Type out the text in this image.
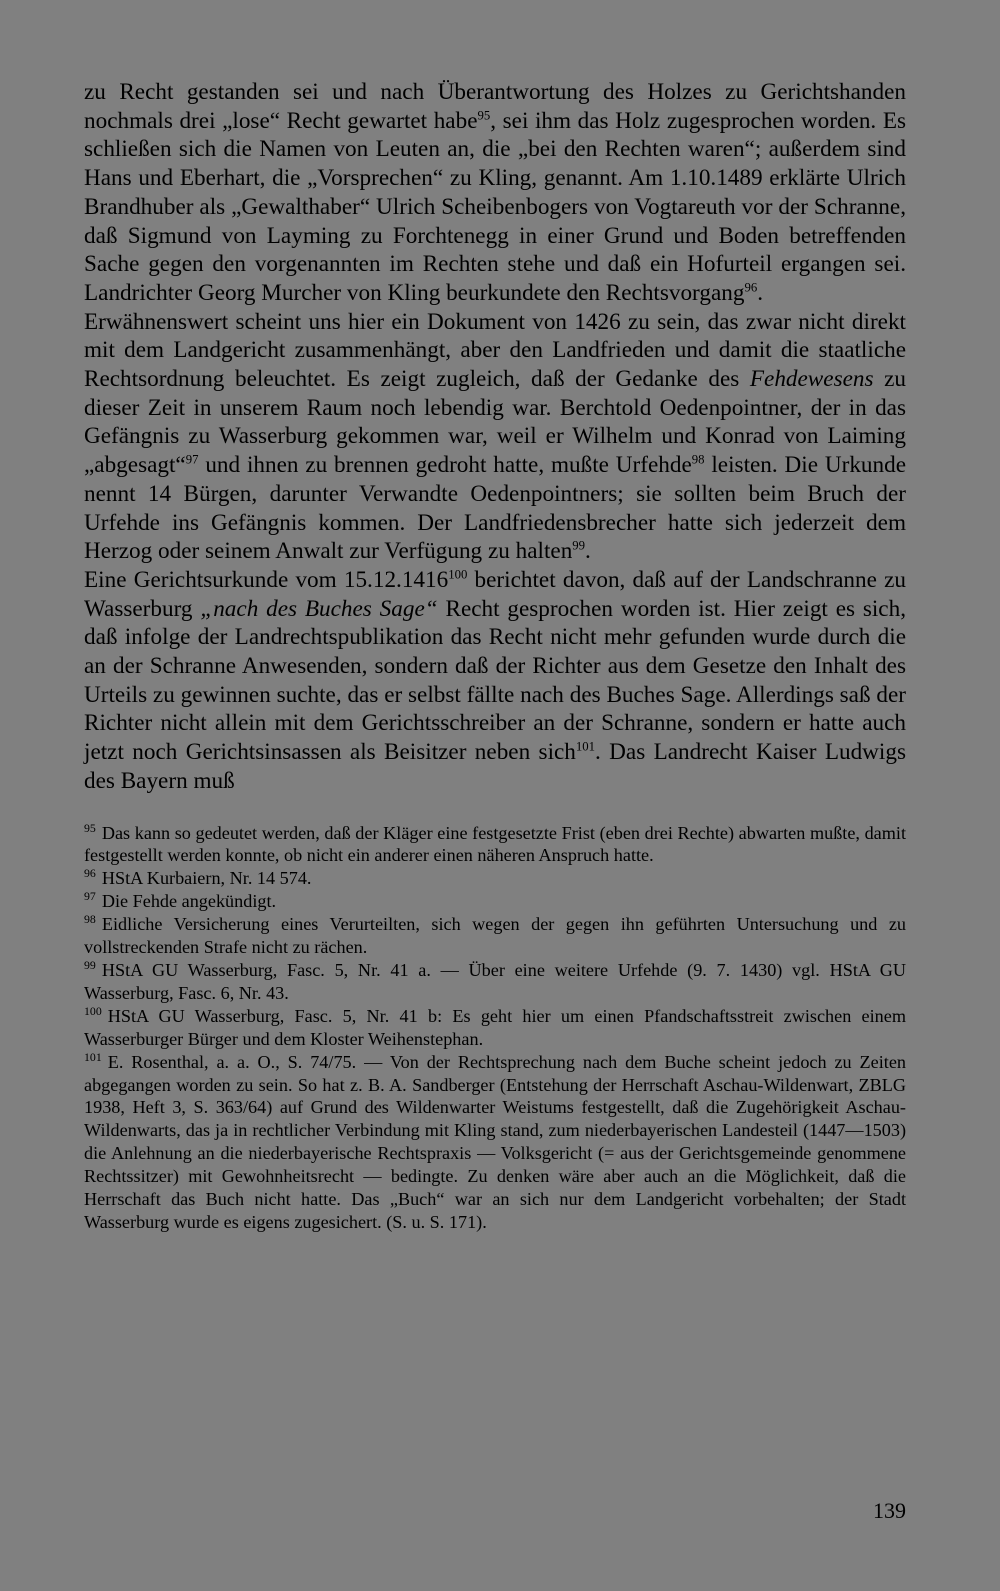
zu Recht gestanden sei und nach Überantwortung des Holzes zu Gerichtshanden nochmals drei „lose“ Recht gewartet habe$^{95}$, sei ihm das Holz zugesprochen worden. Es schließen sich die Namen von Leuten an, die „bei den Rechten waren“; außerdem sind Hans und Eberhart, die „Vorsprechen“ zu Kling, genannt. Am 1.10.1489 erklärte Ulrich Brandhuber als „Gewalthaber“ Ulrich Scheibenbogers von Vogtareuth vor der Schranne, daß Sigmund von Layming zu Forchtenegg in einer Grund und Boden betreffenden Sache gegen den vorgenannten im Rechten stehe und daß ein Hofurteil ergangen sei. Landrichter Georg Murcher von Kling beurkundete den Rechtsvorgang$^{96}$.

Erwähnenswert scheint uns hier ein Dokument von 1426 zu sein, das zwar nicht direkt mit dem Landgericht zusammenhängt, aber den Landfrieden und damit die staatliche Rechtsordnung beleuchtet. Es zeigt zugleich, daß der Gedanke des Fehdewesens zu dieser Zeit in unserem Raum noch lebendig war. Berchtold Oedenpointner, der in das Gefängnis zu Wasserburg gekommen war, weil er Wilhelm und Konrad von Laiming „abgesagt“$^{97}$ und ihnen zu brennen gedroht hatte, mußte Urfehde$^{98}$ leisten. Die Urkunde nennt 14 Bürgen, darunter Verwandte Oedenpointners; sie sollten beim Bruch der Urfehde ins Gefängnis kommen. Der Landfriedensbrecher hatte sich jederzeit dem Herzog oder seinem Anwalt zur Verfügung zu halten$^{99}$.

Eine Gerichtsurkunde vom 15.12.1416$^{100}$ berichtet davon, daß auf der Landschranne zu Wasserburg „nach des Buches Sage“ Recht gesprochen worden ist. Hier zeigt es sich, daß infolge der Landrechtspublikation das Recht nicht mehr gefunden wurde durch die an der Schranne Anwesenden, sondern daß der Richter aus dem Gesetze den Inhalt des Urteils zu gewinnen suchte, das er selbst fällte nach des Buches Sage. Allerdings saß der Richter nicht allein mit dem Gerichtsschreiber an der Schranne, sondern er hatte auch jetzt noch Gerichtsinsassen als Beisitzer neben sich$^{101}$. Das Landrecht Kaiser Ludwigs des Bayern muß

$^{95}$ Das kann so gedeutet werden, daß der Kläger eine festgesetzte Frist (eben drei Rechte) abwarten mußte, damit festgestellt werden konnte, ob nicht ein anderer einen näheren Anspruch hatte.

$^{96}$ HStA Kurbaiern, Nr. 14 574.

$^{97}$ Die Fehde angekündigt.

$^{98}$ Eidliche Versicherung eines Verurteilten, sich wegen der gegen ihn geführten Untersuchung und zu vollstreckenden Strafe nicht zu rächen.

$^{99}$ HStA GU Wasserburg, Fasc. 5, Nr. 41 a. — Über eine weitere Urfehde (9. 7. 1430) vgl. HStA GU Wasserburg, Fasc. 6, Nr. 43.

$^{100}$ HStA GU Wasserburg, Fasc. 5, Nr. 41 b: Es geht hier um einen Pfandschaftsstreit zwischen einem Wasserburger Bürger und dem Kloster Weihenstephan.

$^{101}$ E. Rosenthal, a. a. O., S. 74/75. — Von der Rechtsprechung nach dem Buche scheint jedoch zu Zeiten abgegangen worden zu sein. So hat z. B. A. Sandberger (Entstehung der Herrschaft Aschau-Wildenwart, ZBLG 1938, Heft 3, S. 363/64) auf Grund des Wildenwarter Weistums festgestellt, daß die Zugehörigkeit Aschau-Wildenwarts, das ja in rechtlicher Verbindung mit Kling stand, zum niederbayerischen Landesteil (1447—1503) die Anlehnung an die niederbayerische Rechtspraxis — Volksgericht (= aus der Gerichtsgemeinde genommene Rechtssitzer) mit Gewohnheitsrecht — bedingte. Zu denken wäre aber auch an die Möglichkeit, daß die Herrschaft das Buch nicht hatte. Das „Buch“ war an sich nur dem Landgericht vorbehalten; der Stadt Wasserburg wurde es eigens zugesichert. (S. u. S. 171).

139
